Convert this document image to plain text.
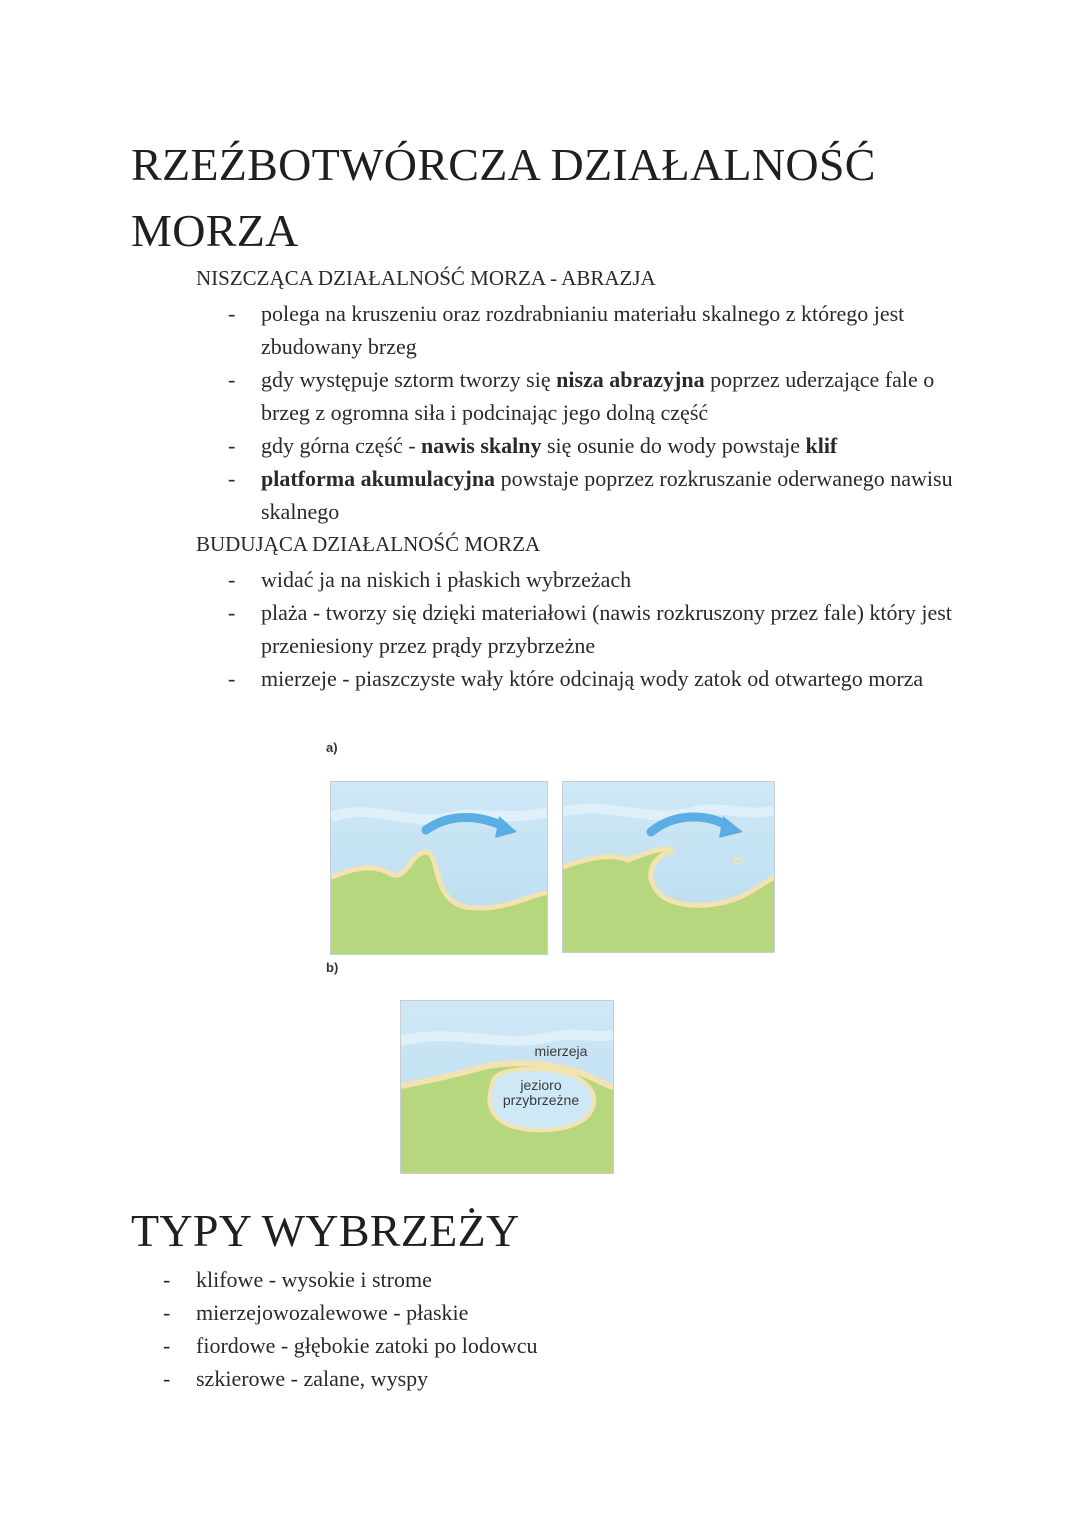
RZEŹBOTWÓRCZA DZIAŁALNOŚĆ
MORZA
NISZCZĄCA DZIAŁALNOŚĆ MORZA - ABRAZJA
- polega na kruszeniu oraz rozdrabnianiu materiału skalnego z którego jest zbudowany brzeg
- gdy występuje sztorm tworzy się nisza abrazyjna poprzez uderzające fale o brzeg z ogromna siła i podcinając jego dolną część
- gdy górna część - nawis skalny się osunie do wody powstaje klif
- platforma akumulacyjna powstaje poprzez rozkruszanie oderwanego nawisu skalnego
BUDUJĄCA DZIAŁALNOŚĆ MORZA
- widać ja na niskich i płaskich wybrzeżach
- plaża - tworzy się dzięki materiałowi (nawis rozkruszony przez fale) który jest przeniesiony przez prądy przybrzeżne
- mierzeje - piaszczyste wały które odcinają wody zatok od otwartego morza
a)
b)
mierzeja
jezioro
przybrzeżne
TYPY WYBRZEŻY
- klifowe - wysokie i strome
- mierzejowozalewowe - płaskie
- fiordowe - głębokie zatoki po lodowcu
- szkierowe - zalane, wyspy
